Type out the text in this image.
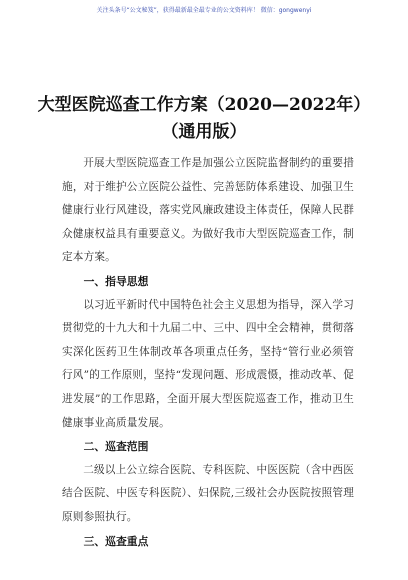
关注头条号“公文秘笈”，获得最新最全最专业的公文资料库！ 微信：gongwenyi
大型医院巡查工作方案（2020—2022年）
（通用版）

开展大型医院巡查工作是加强公立医院监督制约的重要措施，对于维护公立医院公益性、完善惩防体系建设、加强卫生健康行业行风建设，落实党风廉政建设主体责任，保障人民群众健康权益具有重要意义。为做好我市大型医院巡查工作，制定本方案。

一、指导思想

以习近平新时代中国特色社会主义思想为指导，深入学习贯彻党的十九大和十九届二中、三中、四中全会精神，贯彻落实深化医药卫生体制改革各项重点任务，坚持“管行业必须管行风”的工作原则，坚持“发现问题、形成震慑，推动改革、促进发展”的工作思路，全面开展大型医院巡查工作，推动卫生健康事业高质量发展。

二、巡查范围

二级以上公立综合医院、专科医院、中医医院（含中西医结合医院、中医专科医院）、妇保院,三级社会办医院按照管理原则参照执行。

三、巡查重点
